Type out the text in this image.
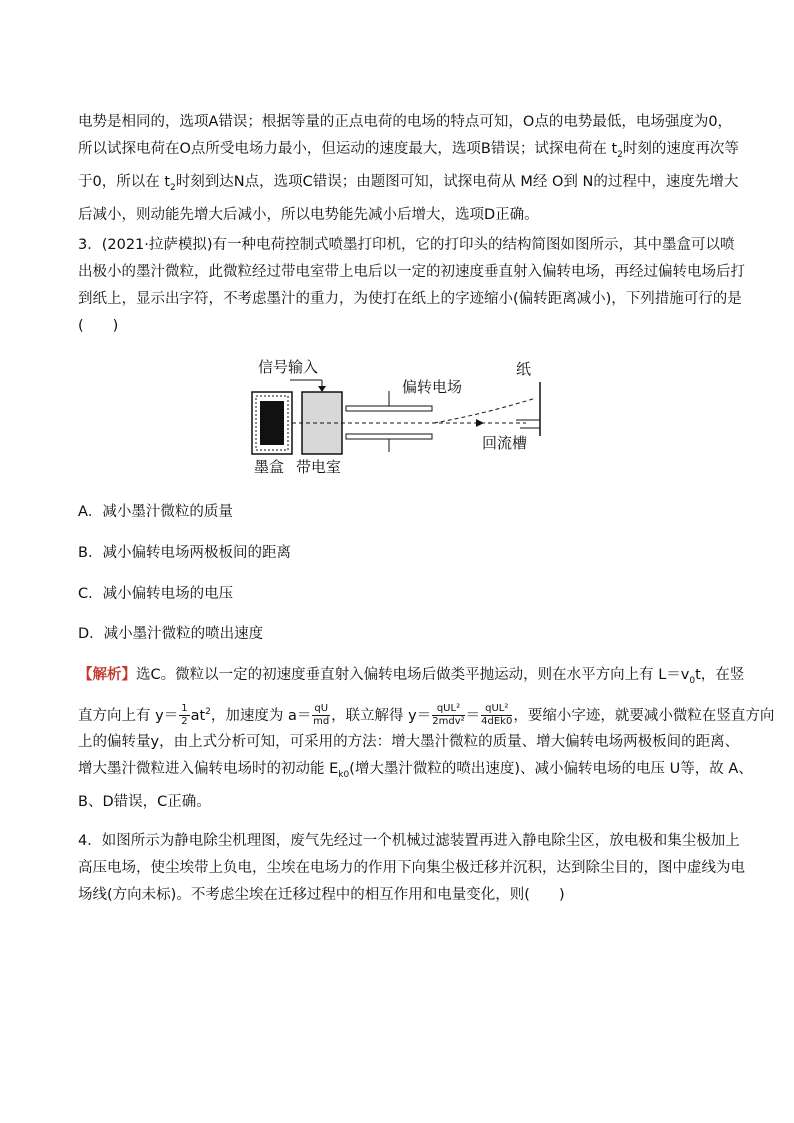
电势是相同的，选项A错误；根据等量的正点电荷的电场的特点可知，O点的电势最低，电场强度为0，
所以试探电荷在O点所受电场力最小，但运动的速度最大，选项B错误；试探电荷在 $t_2$时刻的速度再次等
于0，所以在 $t_2$时刻到达N点，选项C错误；由题图可知，试探电荷从 M经 O到 N的过程中，速度先增大
后减小，则动能先增大后减小，所以电势能先减小后增大，选项D正确。
3．(2021·拉萨模拟)有一种电荷控制式喷墨打印机，它的打印头的结构简图如图所示，其中墨盒可以喷
出极小的墨汁微粒，此微粒经过带电室带上电后以一定的初速度垂直射入偏转电场，再经过偏转电场后打
到纸上，显示出字符，不考虑墨汁的重力，为使打在纸上的字迹缩小(偏转距离减小)，下列措施可行的是
(　　)
信号输入
偏转电场
纸
墨盒 带电室
回流槽
A．减小墨汁微粒的质量
B．减小偏转电场两极板间的距离
C．减小偏转电场的电压
D．减小墨汁微粒的喷出速度
【解析】选C。微粒以一定的初速度垂直射入偏转电场后做类平抛运动，则在水平方向上有 $L=v_0t$，在竖
直方向上有 $y= \frac{1}{2} at^2$，加速度为 $a= \frac{qU}{md}$ ，联立解得 $y= \frac{\text{qUL²}}{\text{2mdv²}} = \frac{\text{qUL²}}{\text{4dEk0}}$ ，要缩小字迹，就要减小微粒在竖直方向
上的偏转量y，由上式分析可知，可采用的方法：增大墨汁微粒的质量、增大偏转电场两极板间的距离、
增大墨汁微粒进入偏转电场时的初动能 $E_{k0}$(增大墨汁微粒的喷出速度)、减小偏转电场的电压 U等，故 A、
B、D错误，C正确。
4．如图所示为静电除尘机理图，废气先经过一个机械过滤装置再进入静电除尘区，放电极和集尘极加上
高压电场，使尘埃带上负电，尘埃在电场力的作用下向集尘极迁移并沉积，达到除尘目的，图中虚线为电
场线(方向未标)。不考虑尘埃在迁移过程中的相互作用和电量变化，则(　　)
